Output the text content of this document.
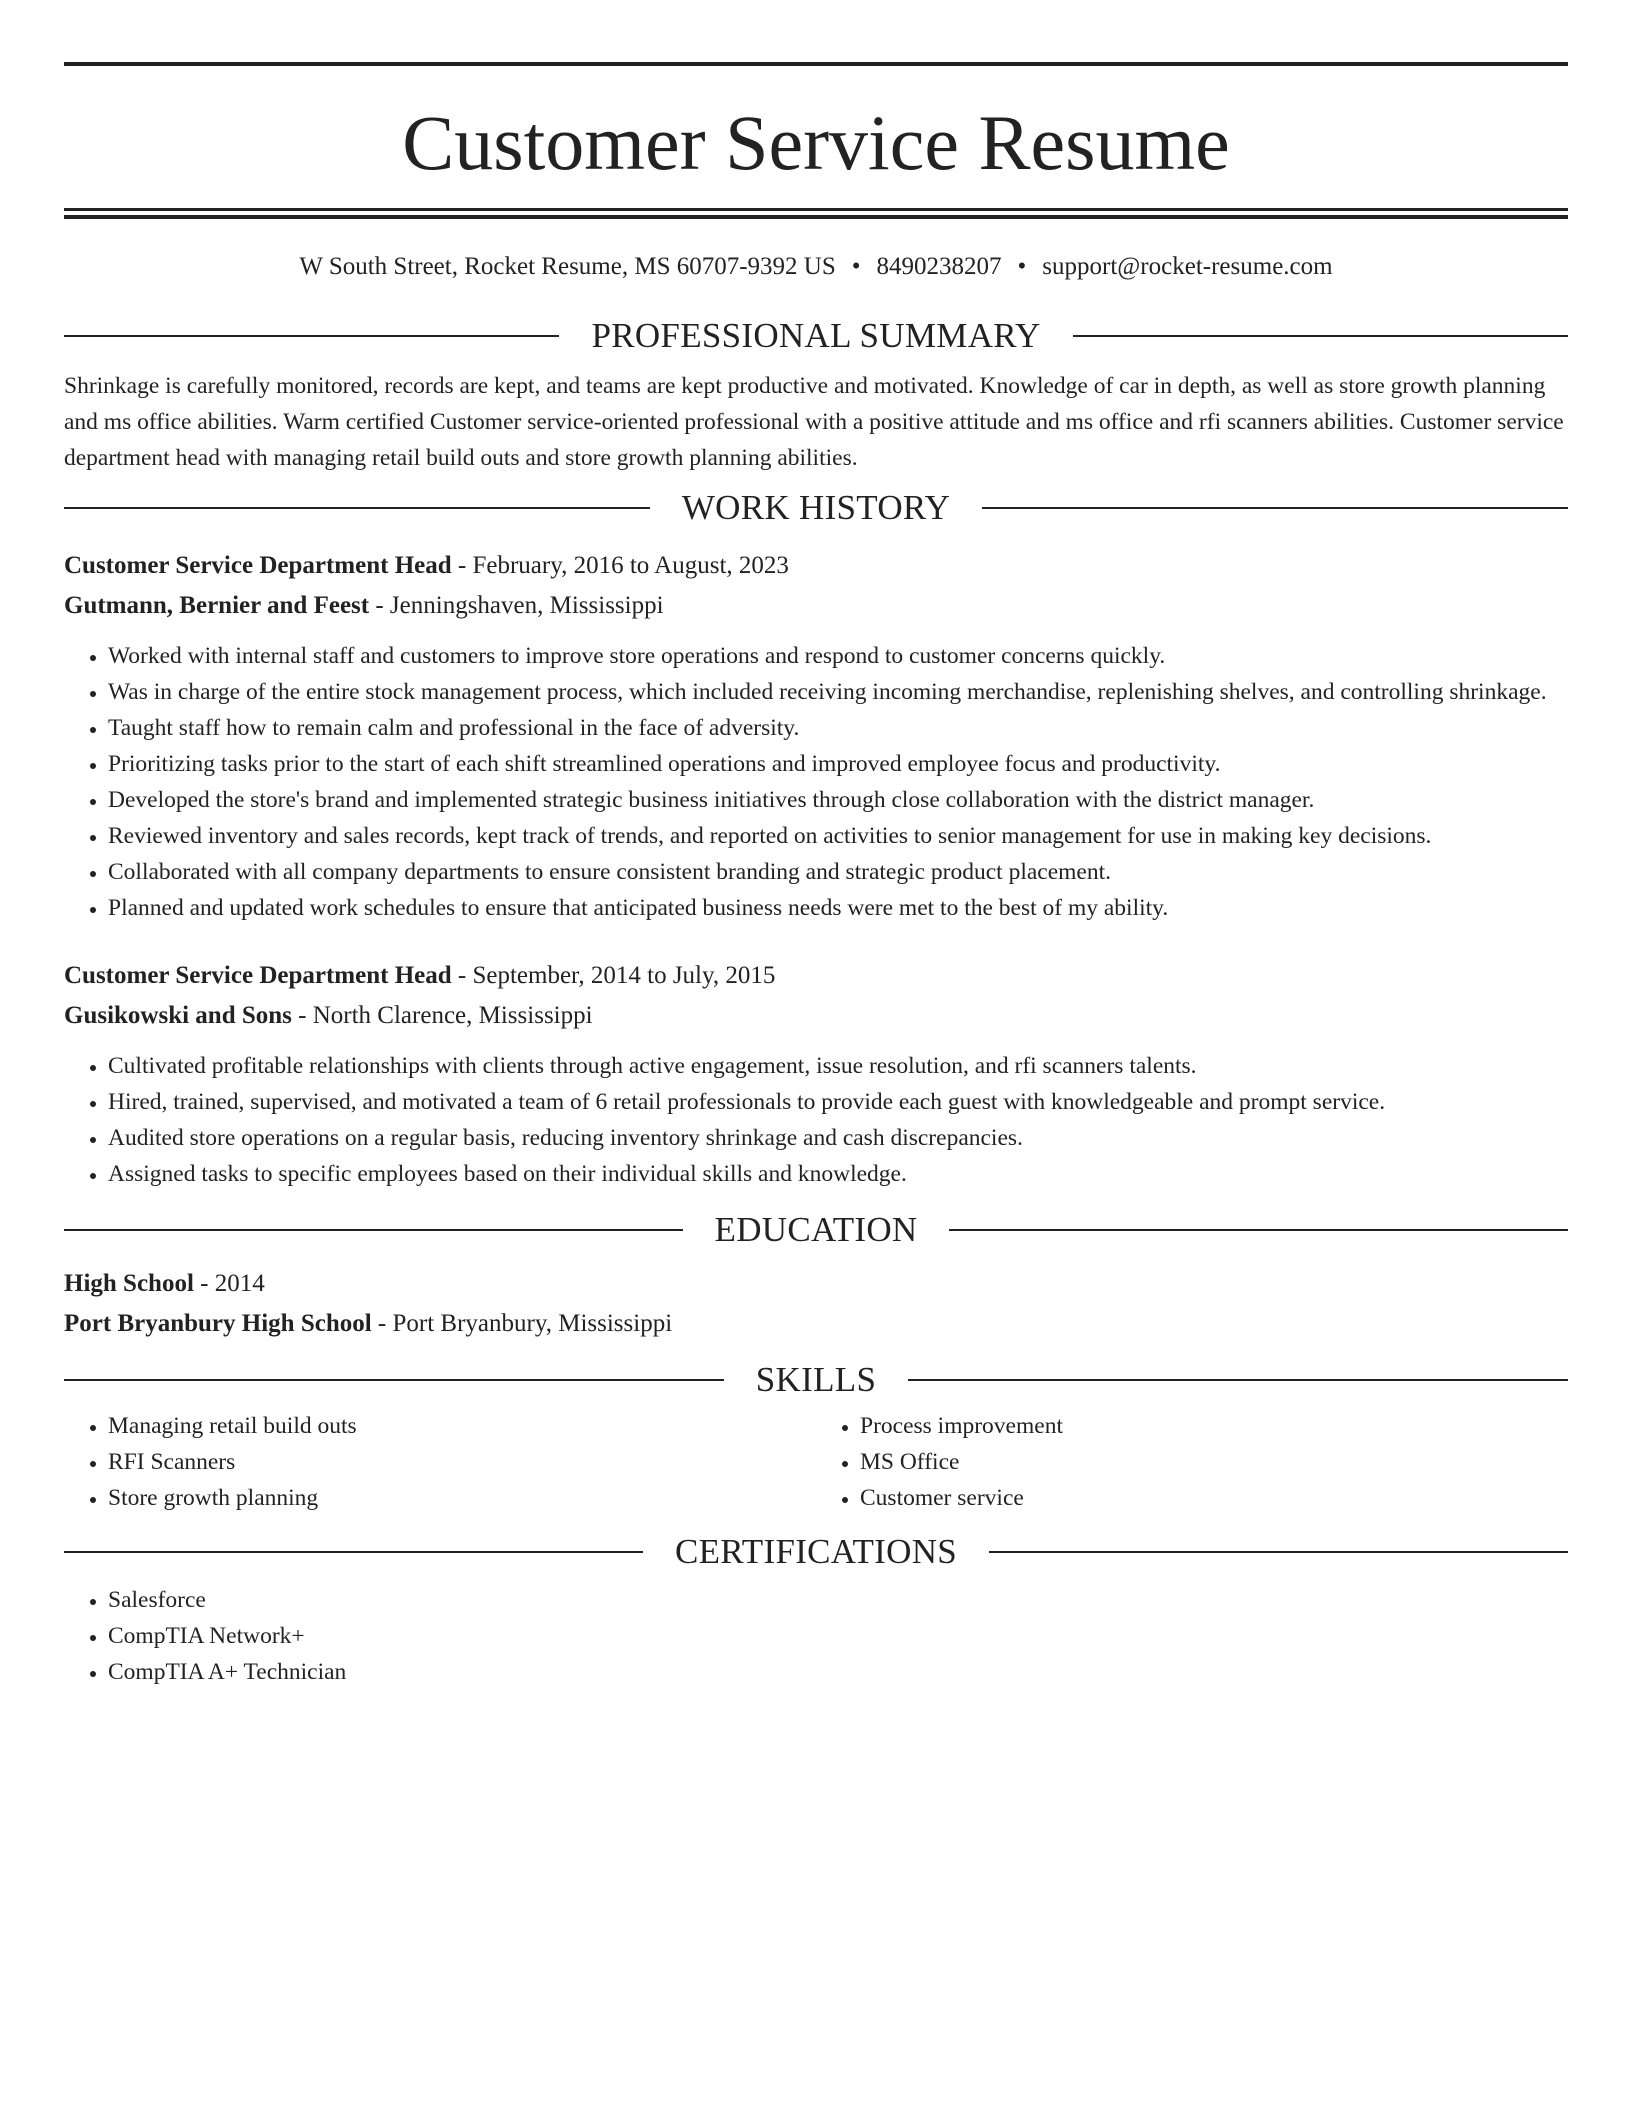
Customer Service Resume
W South Street, Rocket Resume, MS 60707-9392 US • 8490238207 • support@rocket-resume.com
PROFESSIONAL SUMMARY

Shrinkage is carefully monitored, records are kept, and teams are kept productive and motivated. Knowledge of car in depth, as well as store growth planning and ms office abilities. Warm certified Customer service-oriented professional with a positive attitude and ms office and rfi scanners abilities. Customer service department head with managing retail build outs and store growth planning abilities.

WORK HISTORY
Customer Service Department Head - February, 2016 to August, 2023
Gutmann, Bernier and Feest - Jenningshaven, Mississippi
• Worked with internal staff and customers to improve store operations and respond to customer concerns quickly.
• Was in charge of the entire stock management process, which included receiving incoming merchandise, replenishing shelves, and controlling shrinkage.
• Taught staff how to remain calm and professional in the face of adversity.
• Prioritizing tasks prior to the start of each shift streamlined operations and improved employee focus and productivity.
• Developed the store's brand and implemented strategic business initiatives through close collaboration with the district manager.
• Reviewed inventory and sales records, kept track of trends, and reported on activities to senior management for use in making key decisions.
• Collaborated with all company departments to ensure consistent branding and strategic product placement.
• Planned and updated work schedules to ensure that anticipated business needs were met to the best of my ability.
Customer Service Department Head - September, 2014 to July, 2015
Gusikowski and Sons - North Clarence, Mississippi
• Cultivated profitable relationships with clients through active engagement, issue resolution, and rfi scanners talents.
• Hired, trained, supervised, and motivated a team of 6 retail professionals to provide each guest with knowledgeable and prompt service.
• Audited store operations on a regular basis, reducing inventory shrinkage and cash discrepancies.
• Assigned tasks to specific employees based on their individual skills and knowledge.
EDUCATION
High School - 2014
Port Bryanbury High School - Port Bryanbury, Mississippi
SKILLS
• Managing retail build outs
• RFI Scanners
• Store growth planning
• Process improvement
• MS Office
• Customer service
CERTIFICATIONS
• Salesforce
• CompTIA Network+
• CompTIA A+ Technician
